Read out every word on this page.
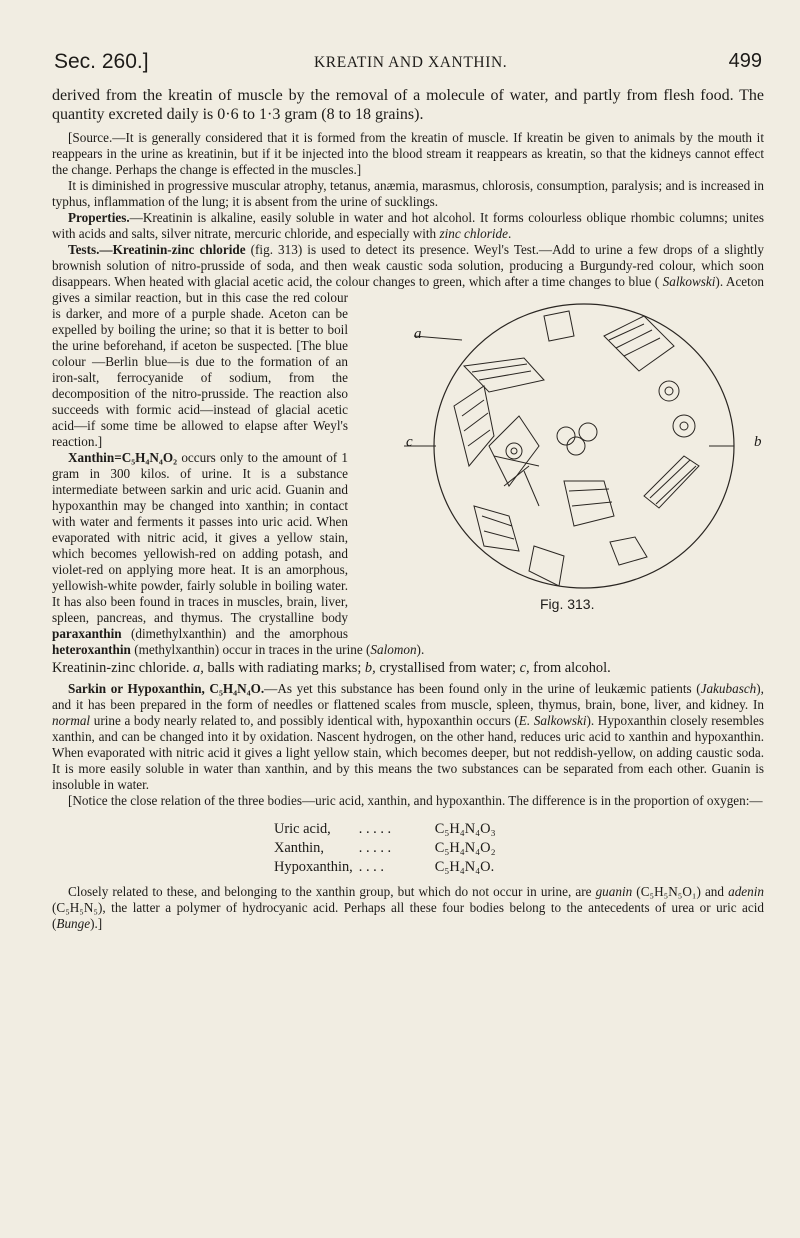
Sec. 260.]	KREATIN AND XANTHIN.	499

derived from the kreatin of muscle by the removal of a molecule of water, and partly from flesh food. The quantity excreted daily is 0·6 to 1·3 gram (8 to 18 grains).

[Source.—It is generally considered that it is formed from the kreatin of muscle. If kreatin be given to animals by the mouth it reappears in the urine as kreatinin, but if it be injected into the blood stream it reappears as kreatin, so that the kidneys cannot effect the change. Perhaps the change is effected in the muscles.]

It is diminished in progressive muscular atrophy, tetanus, anæmia, marasmus, chlorosis, consumption, paralysis; and is increased in typhus, inflammation of the lung; it is absent from the urine of sucklings.

Properties.—Kreatinin is alkaline, easily soluble in water and hot alcohol. It forms colourless oblique rhombic columns; unites with acids and salts, silver nitrate, mercuric chloride, and especially with zinc chloride.

Tests.—Kreatinin-zinc chloride (fig. 313) is used to detect its presence. Weyl's Test.—Add to urine a few drops of a slightly brownish solution of nitro-prusside of soda, and then weak caustic soda solution, producing a Burgundy-red colour, which soon disappears. When heated with glacial acetic acid, the colour changes to green, which after a time changes to blue (
a
c	b
Fig. 313.
Salkowski). Aceton gives a similar reaction, but in this case the red colour is darker, and more of a purple shade. Aceton can be expelled by boiling the urine; so that it is better to boil the urine beforehand, if aceton be suspected. [The blue colour —Berlin blue—is due to the formation of an iron-salt, ferrocyanide of sodium, from the decomposition of the nitro-prusside. The reaction also succeeds with formic acid—instead of glacial acetic acid—if some time be allowed to elapse after Weyl's reaction.]

Xanthin=C₅H₄N₄O₂ occurs only to the amount of 1 gram in 300 kilos. of urine. It is a substance intermediate between sarkin and uric acid. Guanin and hypoxanthin may be changed into xanthin; in contact with water and ferments it passes into uric acid. When evaporated with nitric acid, it gives a yellow stain, which becomes yellowish-red on adding potash, and violet-red on applying more heat. It is an amorphous, yellowish-white powder, fairly soluble in boiling water. It has also been found in traces in muscles, brain, liver, spleen, pancreas, and thymus. The crystalline body paraxanthin (dimethylxanthin) and the amorphous heteroxanthin (methylxanthin) occur in traces in the urine (Salomon).

Kreatinin-zinc chloride. a, balls with radiating marks; b, crystallised from water; c, from alcohol.

Sarkin or Hypoxanthin, C₅H₄N₄O.—As yet this substance has been found only in the urine of leukæmic patients (Jakubasch), and it has been prepared in the form of needles or flattened scales from muscle, spleen, thymus, brain, bone, liver, and kidney. In normal urine a body nearly related to, and possibly identical with, hypoxanthin occurs (E. Salkowski). Hypoxanthin closely resembles xanthin, and can be changed into it by oxidation. Nascent hydrogen, on the other hand, reduces uric acid to xanthin and hypoxanthin. When evaporated with nitric acid it gives a light yellow stain, which becomes deeper, but not reddish-yellow, on adding caustic soda. It is more easily soluble in water than xanthin, and by this means the two substances can be separated from each other. Guanin is insoluble in water.

[Notice the close relation of the three bodies—uric acid, xanthin, and hypoxanthin. The difference is in the proportion of oxygen:—

Uric acid,	. . . . .	C₅H₄N₄O₃
Xanthin,	. . . . .	C₅H₄N₄O₂
Hypoxanthin,	. . . .	C₅H₄N₄O.

Closely related to these, and belonging to the xanthin group, but which do not occur in urine, are guanin (C₅H₅N₅O₁) and adenin (C₅H₅N₅), the latter a polymer of hydrocyanic acid. Perhaps all these four bodies belong to the antecedents of urea or uric acid (Bunge).]
